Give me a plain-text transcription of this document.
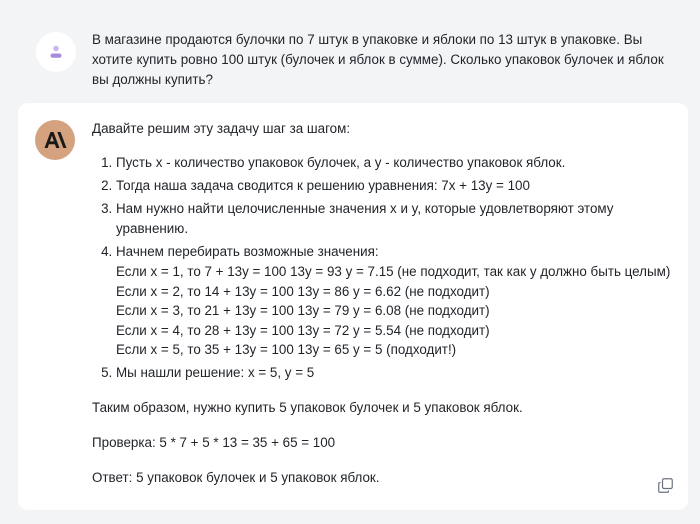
В магазине продаются булочки по 7 штук в упаковке и яблоки по 13 штук в упаковке. Вы хотите купить ровно 100 штук (булочек и яблок в сумме). Сколько упаковок булочек и яблок вы должны купить?

Давайте решим эту задачу шаг за шагом:

1. Пусть x - количество упаковок булочек, а y - количество упаковок яблок.
2. Тогда наша задача сводится к решению уравнения: 7x + 13y = 100
3. Нам нужно найти целочисленные значения x и y, которые удовлетворяют этому уравнению.
4. Начнем перебирать возможные значения:
Если x = 1, то 7 + 13y = 100 13y = 93 y = 7.15 (не подходит, так как y должно быть целым)
Если x = 2, то 14 + 13y = 100 13y = 86 y = 6.62 (не подходит)
Если x = 3, то 21 + 13y = 100 13y = 79 y = 6.08 (не подходит)
Если x = 4, то 28 + 13y = 100 13y = 72 y = 5.54 (не подходит)
Если x = 5, то 35 + 13y = 100 13y = 65 y = 5 (подходит!)
5. Мы нашли решение: x = 5, y = 5

Таким образом, нужно купить 5 упаковок булочек и 5 упаковок яблок.

Проверка: 5 * 7 + 5 * 13 = 35 + 65 = 100

Ответ: 5 упаковок булочек и 5 упаковок яблок.
